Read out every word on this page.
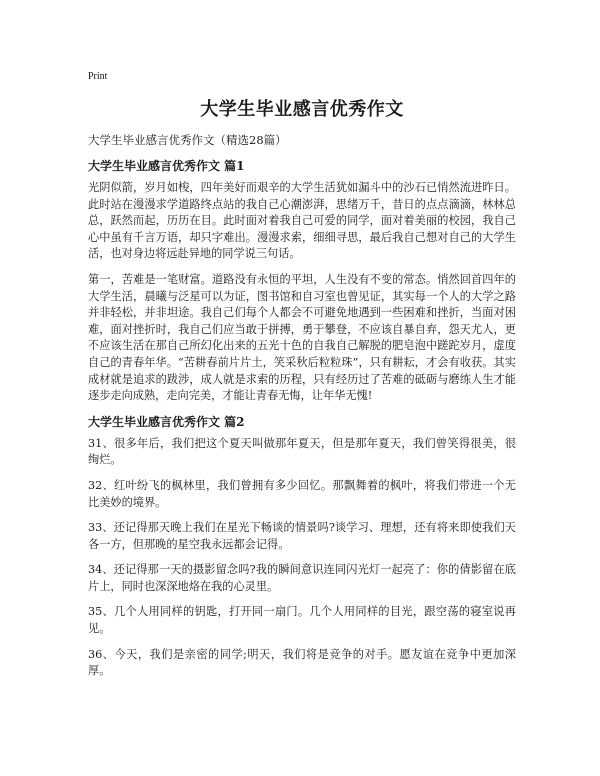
Print
大学生毕业感言优秀作文
大学生毕业感言优秀作文（精选28篇）
大学生毕业感言优秀作文 篇1

光阴似箭，岁月如梭，四年美好而艰辛的大学生活犹如漏斗中的沙石已悄然流进昨日。此时站在漫漫求学道路终点站的我自己心潮澎湃，思绪万千，昔日的点点滴滴，林林总总，跃然而起，历历在目。此时面对着我自己可爱的同学，面对着美丽的校园，我自己心中虽有千言万语，却只字难出。漫漫求索，细细寻思，最后我自己想对自己的大学生活，也对身边将远赴异地的同学说三句话。

第一，苦难是一笔财富。道路没有永恒的平坦，人生没有不变的常态。悄然回首四年的大学生活，晨曦与泛星可以为证，图书馆和自习室也曾见证，其实每一个人的大学之路并非轻松，并非坦途。我自己们每个人都会不可避免地遇到一些困难和挫折，当面对困难，面对挫折时，我自己们应当敢于拼搏，勇于攀登，不应该自暴自弃，怨天尤人，更不应该生活在那自己所幻化出来的五光十色的自我自己解脱的肥皂泡中蹉跎岁月，虚度自己的青春年华。“苦耕春前片片土，笑采秋后粒粒珠”，只有耕耘，才会有收获。其实成材就是追求的跋涉，成人就是求索的历程，只有经历过了苦难的砥砺与磨练人生才能逐步走向成熟，走向完美，才能让青春无悔，让年华无愧!

大学生毕业感言优秀作文 篇2

31、很多年后，我们把这个夏天叫做那年夏天，但是那年夏天，我们曾笑得很美，很绚烂。

32、红叶纷飞的枫林里，我们曾拥有多少回忆。那飘舞着的枫叶，将我们带进一个无比美妙的境界。

33、还记得那天晚上我们在星光下畅谈的情景吗?谈学习、理想，还有将来即使我们天各一方，但那晚的星空我永远都会记得。

34、还记得那一天的摄影留念吗?我的瞬间意识连同闪光灯一起亮了：你的倩影留在底片上，同时也深深地烙在我的心灵里。

35、几个人用同样的钥匙，打开同一扇门。几个人用同样的目光，跟空荡的寝室说再见。

36、今天，我们是亲密的同学;明天，我们将是竞争的对手。愿友谊在竞争中更加深厚。
